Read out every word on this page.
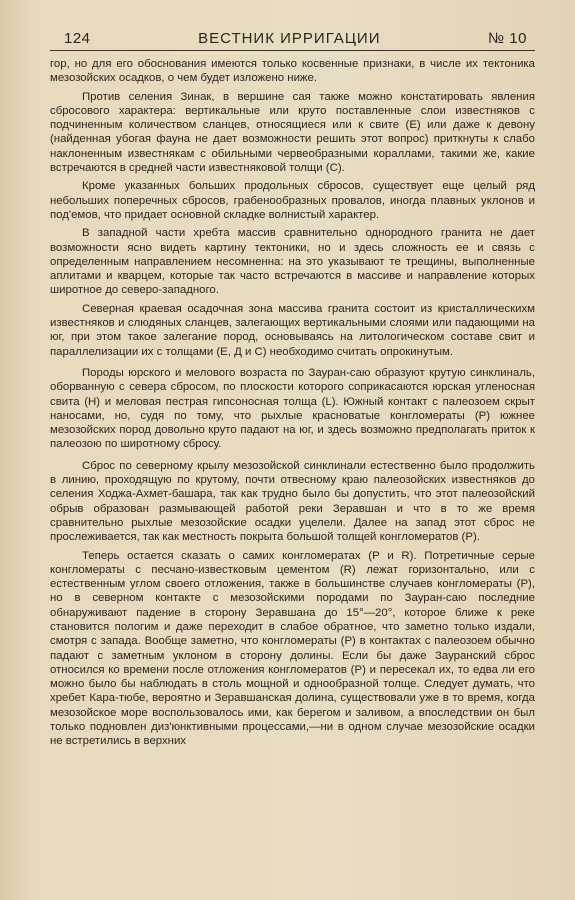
124	ВЕСТНИК ИРРИГАЦИИ	№ 10

гор, но для его обоснования имеются только косвенные признаки, в числе их тектоника мезозойских осадков, о чем будет изложено ниже.

Против селения Зинак, в вершине сая также можно констатировать явления сбросового характера: вертикальные или круто поставленные слои известняков с подчиненным количеством сланцев, относящиеся или к свите (Е) или даже к девону (найденная убогая фауна не дает возможности решить этот вопрос) приткнуты к слабо наклоненным известнякам с обильными червеобразными кораллами, такими же, какие встречаются в средней части известняковой толщи (С).

Кроме указанных больших продольных сбросов, существует еще целый ряд небольших поперечных сбросов, грабенообразных провалов, иногда плавных уклонов и под'емов, что придает основной складке волнистый характер.

В западной части хребта массив сравнительно однородного гранита не дает возможности ясно видеть картину тектоники, но и здесь сложность ее и связь с определенным направлением несомненна: на это указывают те трещины, выполненные аплитами и кварцем, которые так часто встречаются в массиве и направление которых широтное до северо-западного.

Северная краевая осадочная зона массива гранита состоит из кристаллическихм известняков и слюдяных сланцев, залегающих вертикальными слоями или падающими на юг, при этом такое залегание пород, основываясь на литологическом составе свит и параллелизации их с толщами (Е, Д и С) необходимо считать опрокинутым.

Породы юрского и мелового возраста по Зауран-саю образуют крутую синклиналь, оборванную с севера сбросом, по плоскости которого соприкасаются юрская угленосная свита (Н) и меловая пестрая гипсоносная толща (L). Южный контакт с палеозоем скрыт наносами, но, судя по тому, что рыхлые красноватые конгломераты (Р) южнее мезозойских пород довольно круто падают на юг, и здесь возможно предполагать приток к палеозою по широтному сбросу.

Сброс по северному крылу мезозойской синклинали естественно было продолжить в линию, проходящую по крутому, почти отвесному краю палеозойских известняков до селения Ходжа-Ахмет-башара, так как трудно было бы допустить, что этот палеозойский обрыв образован размывающей работой реки Зеравшан и что в то же время сравнительно рыхлые мезозойские осадки уцелели. Далее на запад этот сброс не прослеживается, так как местность покрыта большой толщей конгломератов (Р).

Теперь остается сказать о самих конгломератах (Р и R). Потретичные серые конгломераты с песчано-известковым цементом (R) лежат горизонтально, или с естественным углом своего отложения, также в большинстве случаев конгломераты (Р), но в северном контакте с мезозойскими породами по Зауран-саю последние обнаруживают падение в сторону Зеравшана до 15°—20°, которое ближе к реке становится пологим и даже переходит в слабое обратное, что заметно только издали, смотря с запада. Вообще заметно, что конгломераты (Р) в контактах с палеозоем обычно падают с заметным уклоном в сторону долины. Если бы даже Зауранский сброс относился ко времени после отложения конгломератов (Р) и пересекал их, то едва ли его можно было бы наблюдать в столь мощной и однообразной толще. Следует думать, что хребет Кара-тюбе, вероятно и Зеравшанская долина, существовали уже в то время, когда мезозойское море воспользовалось ими, как берегом и заливом, а впоследствии он был только подновлен диз'юнктивными процессами,—ни в одном случае мезозойские осадки не встретились в верхних
